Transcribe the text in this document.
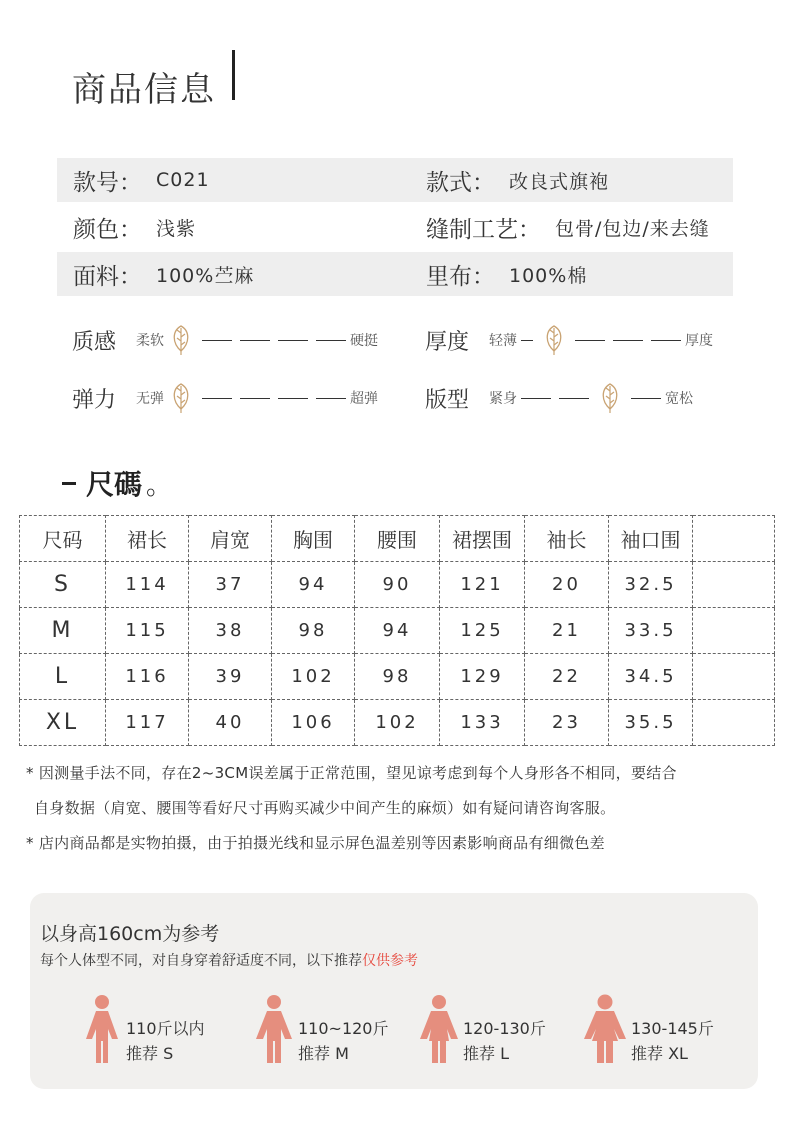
商品信息
款号： C021	款式： 改良式旗袍
颜色： 浅紫	缝制工艺： 包骨/包边/来去缝
面料： 100%苎麻	里布： 100%棉
质感	柔软	硬挺 厚度	轻薄	厚度
弹力	无弹	超弹 版型	紧身	宽松
尺碼 。
尺码	裙长	肩宽	胸围	腰围	裙摆围	袖长	袖口围	
S	114	37	94	90	121	20	32.5	
M	115	38	98	94	125	21	33.5	
L	116	39	102	98	129	22	34.5	
XL	117	40	106	102	133	23	35.5	
* 因测量手法不同，存在2~3CM误差属于正常范围，望见谅考虑到每个人身形各不相同，要结合
自身数据（肩宽、腰围等看好尺寸再购买减少中间产生的麻烦）如有疑问请咨询客服。
* 店内商品都是实物拍摄，由于拍摄光线和显示屏色温差别等因素影响商品有细微色差
以身高160cm为参考
每个人体型不同，对自身穿着舒适度不同，以下推荐仅供参考
110斤以内
推荐 S
110~120斤
推荐 M
120-130斤
推荐 L
130-145斤
推荐 XL
